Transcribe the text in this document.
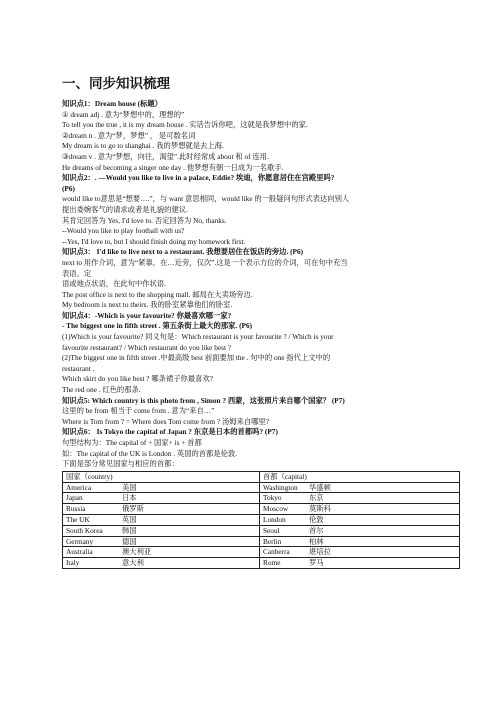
一、同步知识梳理
知识点1：Dream house (标题）
① dream adj . 意为“梦想中的，理想的”
To tell you the true , it is my dream house . 实话告诉你吧，这就是我梦想中的家.
②dream n . 意为“梦，梦想” ， 是可数名词
My dream is to go to shanghai . 我的梦想就是去上海.
③dream v . 意为“梦想，向往，渴望”.此时经常成 about 和 of 连用.
He dreams of becoming a singer one day . 他梦想有朝一日成为一名歌手.
知识点2：. —Would you like to live in a palace, Eddie? 埃迪，你愿意居住在宫殿里吗?
(P6)
would like to意思是“想要….”，与 want 意思相同，would like 的一般疑问句形式表达向别人
提出委婉客气的请求或者是礼貌的建议.
其肯定回答为 Yes, I'd love to. 否定回答为 No, thanks.
--Would you like to play football with us?
--Yes, I'd love to, but I should finish doing my homework first.
知识点3： I'd like to live next to a restaurant. 我想要居住在饭店的旁边. (P6)
next to 用作介词，意为“紧靠，在…近旁，仅次”.这是一个表示方位的介词，可在句中充当
表语、定
语或地点状语，在此句中作状语.
The post office is next to the shopping mall. 邮局在大卖场旁边.
My bedroom is next to theirs. 我的卧室紧靠他们的卧室.
知识点4：-Which is your favourite? 你最喜欢哪一家?
- The biggest one in fifth street . 第五条街上最大的那家. (P6)
(1)Which is your favourite? 同义句是：Which restaurant is your favourite ? / Which is your
favourite restaurant? / Which restaurant do you like best ?
(2)The biggest one in fifth street .中最高级 best 前面要加 the . 句中的 one 指代上文中的
restaurant .
Which skirt do you like best ? 哪条裙子你最喜欢?
The red one . 红色的那条.
知识点5: Which country is this photo from , Simon ? 西蒙，这张照片来自哪个国家？ (P7)
这里的 be from 相当于 come from . 意为“来自…”
Where is Tom from ? = Where does Tom come from ? 汤姆来自哪里?
知识点6： Is Tokyo the capital of Japan ? 东京是日本的首都吗? (P7)
句型结构为：The capital of + 国家+ is + 首都
如：The capital of the UK is London . 英国的首都是伦敦.
下面是部分常见国家与相应的首都：
国家（country)	首都（capital)
America 美国	Washington 华盛顿
Japan 日本	Tokyo 东京
Russia 俄罗斯	Moscow 莫斯科
The UK 英国	London 伦敦
South Korea 韩国	Seoul 首尔
Germany 德国	Berlin 柏林
Australia 澳大利亚	Canberra 堪培拉
Italy 意大利	Rome 罗马
